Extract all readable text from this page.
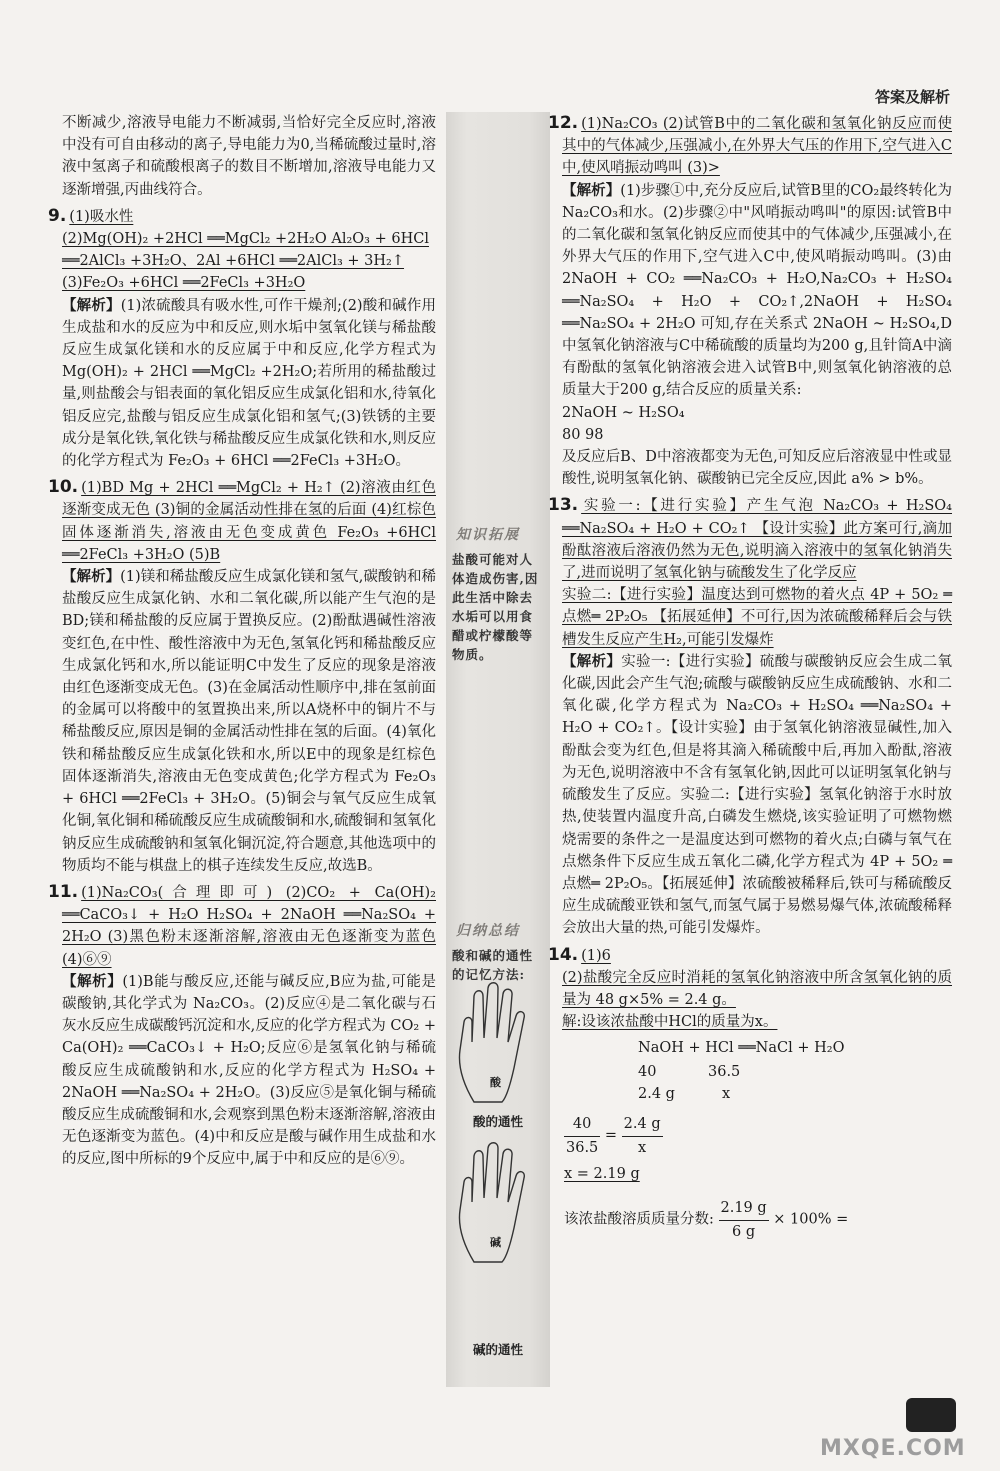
答案及解析

不断减少,溶液导电能力不断减弱,当恰好完全反应时,溶液中没有可自由移动的离子,导电能力为0,当稀硫酸过量时,溶液中氢离子和硫酸根离子的数目不断增加,溶液导电能力又逐渐增强,丙曲线符合。

9. (1)吸水性

(2)Mg(OH)₂ +2HCl ══MgCl₂ +2H₂O Al₂O₃ + 6HCl ══2AlCl₃ +3H₂O、2Al +6HCl ══2AlCl₃ + 3H₂↑

(3)Fe₂O₃ +6HCl ══2FeCl₃ +3H₂O

【解析】(1)浓硫酸具有吸水性,可作干燥剂;(2)酸和碱作用生成盐和水的反应为中和反应,则水垢中氢氧化镁与稀盐酸反应生成氯化镁和水的反应属于中和反应,化学方程式为 Mg(OH)₂ + 2HCl ══MgCl₂ +2H₂O;若所用的稀盐酸过量,则盐酸会与铝表面的氧化铝反应生成氯化铝和水,待氧化铝反应完,盐酸与铝反应生成氯化铝和氢气;(3)铁锈的主要成分是氧化铁,氧化铁与稀盐酸反应生成氯化铁和水,则反应的化学方程式为 Fe₂O₃ + 6HCl ══2FeCl₃ +3H₂O。

10. (1)BD Mg + 2HCl ══MgCl₂ + H₂↑ (2)溶液由红色逐渐变成无色 (3)铜的金属活动性排在氢的后面 (4)红棕色固体逐渐消失,溶液由无色变成黄色 Fe₂O₃ +6HCl ══2FeCl₃ +3H₂O (5)B

【解析】(1)镁和稀盐酸反应生成氯化镁和氢气,碳酸钠和稀盐酸反应生成氯化钠、水和二氧化碳,所以能产生气泡的是BD;镁和稀盐酸的反应属于置换反应。(2)酚酞遇碱性溶液变红色,在中性、酸性溶液中为无色,氢氧化钙和稀盐酸反应生成氯化钙和水,所以能证明C中发生了反应的现象是溶液由红色逐渐变成无色。(3)在金属活动性顺序中,排在氢前面的金属可以将酸中的氢置换出来,所以A烧杯中的铜片不与稀盐酸反应,原因是铜的金属活动性排在氢的后面。(4)氧化铁和稀盐酸反应生成氯化铁和水,所以E中的现象是红棕色固体逐渐消失,溶液由无色变成黄色;化学方程式为 Fe₂O₃ + 6HCl ══2FeCl₃ + 3H₂O。(5)铜会与氧气反应生成氧化铜,氧化铜和稀硫酸反应生成硫酸铜和水,硫酸铜和氢氧化钠反应生成硫酸钠和氢氧化铜沉淀,符合题意,其他选项中的物质均不能与棋盘上的棋子连续发生反应,故选B。

11. (1)Na₂CO₃(合理即可) (2)CO₂ + Ca(OH)₂ ══CaCO₃↓ + H₂O H₂SO₄ + 2NaOH ══Na₂SO₄ + 2H₂O (3)黑色粉末逐渐溶解,溶液由无色逐渐变为蓝色 (4)⑥⑨

【解析】(1)B能与酸反应,还能与碱反应,B应为盐,可能是碳酸钠,其化学式为 Na₂CO₃。(2)反应④是二氧化碳与石灰水反应生成碳酸钙沉淀和水,反应的化学方程式为 CO₂ + Ca(OH)₂ ══CaCO₃↓ + H₂O;反应⑥是氢氧化钠与稀硫酸反应生成硫酸钠和水,反应的化学方程式为 H₂SO₄ + 2NaOH ══Na₂SO₄ + 2H₂O。(3)反应⑤是氧化铜与稀硫酸反应生成硫酸铜和水,会观察到黑色粉末逐渐溶解,溶液由无色逐渐变为蓝色。(4)中和反应是酸与碱作用生成盐和水的反应,图中所标的9个反应中,属于中和反应的是⑥⑨。

知识拓展
盐酸可能对人体造成伤害,因此生活中除去水垢可以用食醋或柠檬酸等物质。
归纳总结
酸和碱的通性的记忆方法:
酸
酸的通性
碱
碱的通性

12. (1)Na₂CO₃ (2)试管B中的二氧化碳和氢氧化钠反应而使其中的气体减少,压强减小,在外界大气压的作用下,空气进入C中,使风哨振动鸣叫 (3)>

【解析】(1)步骤①中,充分反应后,试管B里的CO₂最终转化为 Na₂CO₃和水。(2)步骤②中"风哨振动鸣叫"的原因:试管B中的二氧化碳和氢氧化钠反应而使其中的气体减少,压强减小,在外界大气压的作用下,空气进入C中,使风哨振动鸣叫。(3)由 2NaOH + CO₂ ══Na₂CO₃ + H₂O,Na₂CO₃ + H₂SO₄ ══Na₂SO₄ + H₂O + CO₂↑,2NaOH + H₂SO₄ ══Na₂SO₄ + 2H₂O 可知,存在关系式 2NaOH ~ H₂SO₄,D中氢氧化钠溶液与C中稀硫酸的质量均为200 g,且针筒A中滴有酚酞的氢氧化钠溶液会进入试管B中,则氢氧化钠溶液的总质量大于200 g,结合反应的质量关系:

2NaOH ~ H₂SO₄

80 98

及反应后B、D中溶液都变为无色,可知反应后溶液显中性或显酸性,说明氢氧化钠、碳酸钠已完全反应,因此 a% > b%。

13. 实验一:【进行实验】产生气泡 Na₂CO₃ + H₂SO₄ ══Na₂SO₄ + H₂O + CO₂↑ 【设计实验】此方案可行,滴加酚酞溶液后溶液仍然为无色,说明滴入溶液中的氢氧化钠消失了,进而说明了氢氧化钠与硫酸发生了化学反应

实验二:【进行实验】温度达到可燃物的着火点 4P + 5O₂ ═点燃═ 2P₂O₅ 【拓展延伸】不可行,因为浓硫酸稀释后会与铁槽发生反应产生H₂,可能引发爆炸

【解析】实验一:【进行实验】硫酸与碳酸钠反应会生成二氧化碳,因此会产生气泡;硫酸与碳酸钠反应生成硫酸钠、水和二氧化碳,化学方程式为 Na₂CO₃ + H₂SO₄ ══Na₂SO₄ + H₂O + CO₂↑。【设计实验】由于氢氧化钠溶液显碱性,加入酚酞会变为红色,但是将其滴入稀硫酸中后,再加入酚酞,溶液为无色,说明溶液中不含有氢氧化钠,因此可以证明氢氧化钠与硫酸发生了反应。实验二:【进行实验】氢氧化钠溶于水时放热,使装置内温度升高,白磷发生燃烧,该实验证明了可燃物燃烧需要的条件之一是温度达到可燃物的着火点;白磷与氧气在点燃条件下反应生成五氧化二磷,化学方程式为 4P + 5O₂ ═点燃═ 2P₂O₅。【拓展延伸】浓硫酸被稀释后,铁可与稀硫酸反应生成硫酸亚铁和氢气,而氢气属于易燃易爆气体,浓硫酸稀释会放出大量的热,可能引发爆炸。

14. (1)6

(2)盐酸完全反应时消耗的氢氧化钠溶液中所含氢氧化钠的质量为 48 g×5% = 2.4 g。

解:设该浓盐酸中HCl的质量为x。

NaOH + HCl ══NaCl + H₂O
40	36.5
2.4 g	x
$\frac{40}{36.5} = \frac{2.4 g}{x}$
x = 2.19 g
该浓盐酸溶质质量分数: $\frac{2.19 g}{6 g} \times 100\%$ =
MXQE.COM
